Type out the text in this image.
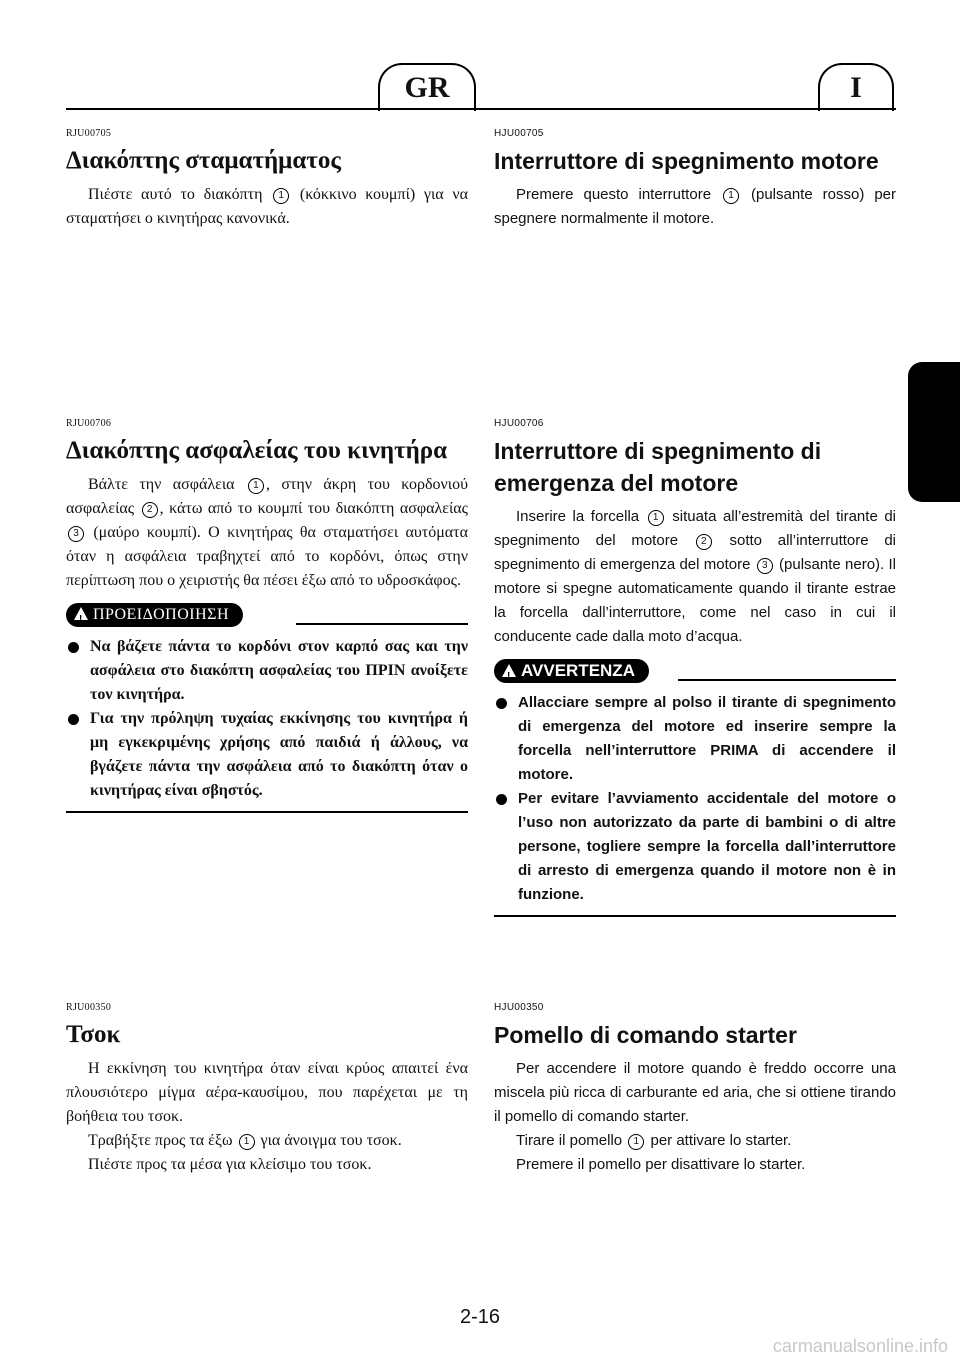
GR	I
RJU00705
Διακόπτης σταματήματος

Πιέστε αυτό το διακόπτη 1 (κόκκινο κουμπί) για να σταματήσει ο κινητήρας κανονικά.

HJU00705
Interruttore di spegnimento motore

Premere questo interruttore 1 (pulsante rosso) per spegnere normalmente il motore.

RJU00706
Διακόπτης ασφαλείας του κινητήρα

Βάλτε την ασφάλεια 1 , στην άκρη του κορδονιού ασφαλείας 2 , κάτω από το κουμπί του διακόπτη ασφαλείας 3 (μαύρο κουμπί). Ο κινητήρας θα σταματήσει αυτόματα όταν η ασφάλεια τραβηχτεί από το κορδόνι, όπως στην περίπτωση που ο χειριστής θα πέσει έξω από το υδροσκάφος.

!ΠΡΟΕΙΔΟΠΟΙΗΣΗ
Να βάζετε πάντα το κορδόνι στον καρπό σας και την ασφάλεια στο διακόπτη ασφαλείας του ΠΡΙΝ ανοίξετε τον κινητήρα.
Για την πρόληψη τυχαίας εκκίνησης του κινητήρα ή μη εγκεκριμένης χρήσης από παιδιά ή άλλους, να βγάζετε πάντα την ασφάλεια από το διακόπτη όταν ο κινητήρας είναι σβηστός.
HJU00706
Interruttore di spegnimento di emergenza del motore

Inserire la forcella 1 situata all’estremità del tirante di spegnimento del motore 2 sotto all’interruttore di spegnimento di emergenza del motore 3 (pulsante nero). Il motore si spegne automaticamente quando il tirante estrae la forcella dall’interruttore, come nel caso in cui il conducente cade dalla moto d’acqua.

!AVVERTENZA
Allacciare sempre al polso il tirante di spegnimento di emergenza del motore ed inserire sempre la forcella nell’interruttore PRIMA di accendere il motore.
Per evitare l’avviamento accidentale del motore o l’uso non autorizzato da parte di bambini o di altre persone, togliere sempre la forcella dall’interruttore di arresto di emergenza quando il motore non è in funzione.
RJU00350
Τσοκ

Η εκκίνηση του κινητήρα όταν είναι κρύος απαιτεί ένα πλουσιότερο μίγμα αέρα-καυσίμου, που παρέχεται με τη βοήθεια του τσοκ.

Τραβήξτε προς τα έξω 1 για άνοιγμα του τσοκ.

Πιέστε προς τα μέσα για κλείσιμο του τσοκ.

HJU00350
Pomello di comando starter

Per accendere il motore quando è freddo occorre una miscela più ricca di carburante ed aria, che si ottiene tirando il pomello di comando starter.

Tirare il pomello 1 per attivare lo starter.

Premere il pomello per disattivare lo starter.

2-16
carmanualsonline.info
